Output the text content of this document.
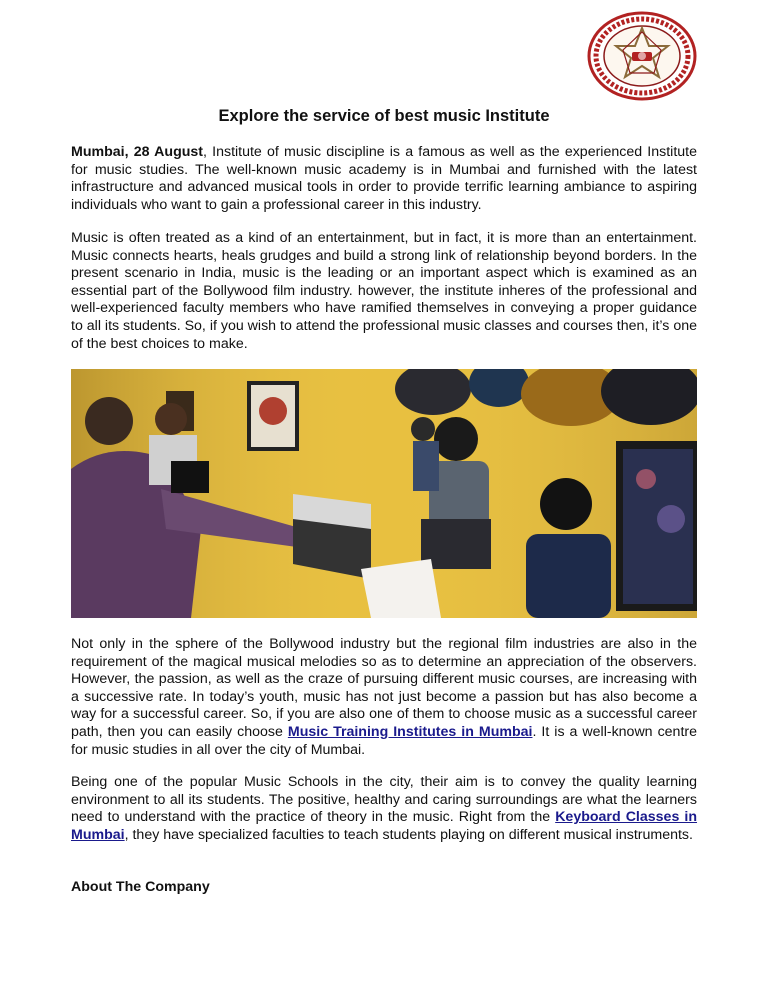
Explore the service of best music Institute

Mumbai, 28 August, Institute of music discipline is a famous as well as the experienced Institute for music studies. The well-known music academy is in Mumbai and furnished with the latest infrastructure and advanced musical tools in order to provide terrific learning ambiance to aspiring individuals who want to gain a professional career in this industry.

Music is often treated as a kind of an entertainment, but in fact, it is more than an entertainment. Music connects hearts, heals grudges and build a strong link of relationship beyond borders. In the present scenario in India, music is the leading or an important aspect which is examined as an essential part of the Bollywood film industry. however, the institute inheres of the professional and well-experienced faculty members who have ramified themselves in conveying a proper guidance to all its students. So, if you wish to attend the professional music classes and courses then, it’s one of the best choices to make.

Not only in the sphere of the Bollywood industry but the regional film industries are also in the requirement of the magical musical melodies so as to determine an appreciation of the observers. However, the passion, as well as the craze of pursuing different music courses, are increasing with a successive rate. In today’s youth, music has not just become a passion but has also become a way for a successful career. So, if you are also one of them to choose music as a successful career path, then you can easily choose Music Training Institutes in Mumbai. It is a well-known centre for music studies in all over the city of Mumbai.

Being one of the popular Music Schools in the city, their aim is to convey the quality learning environment to all its students. The positive, healthy and caring surroundings are what the learners need to understand with the practice of theory in the music. Right from the Keyboard Classes in Mumbai, they have specialized faculties to teach students playing on different musical instruments.

About The Company
